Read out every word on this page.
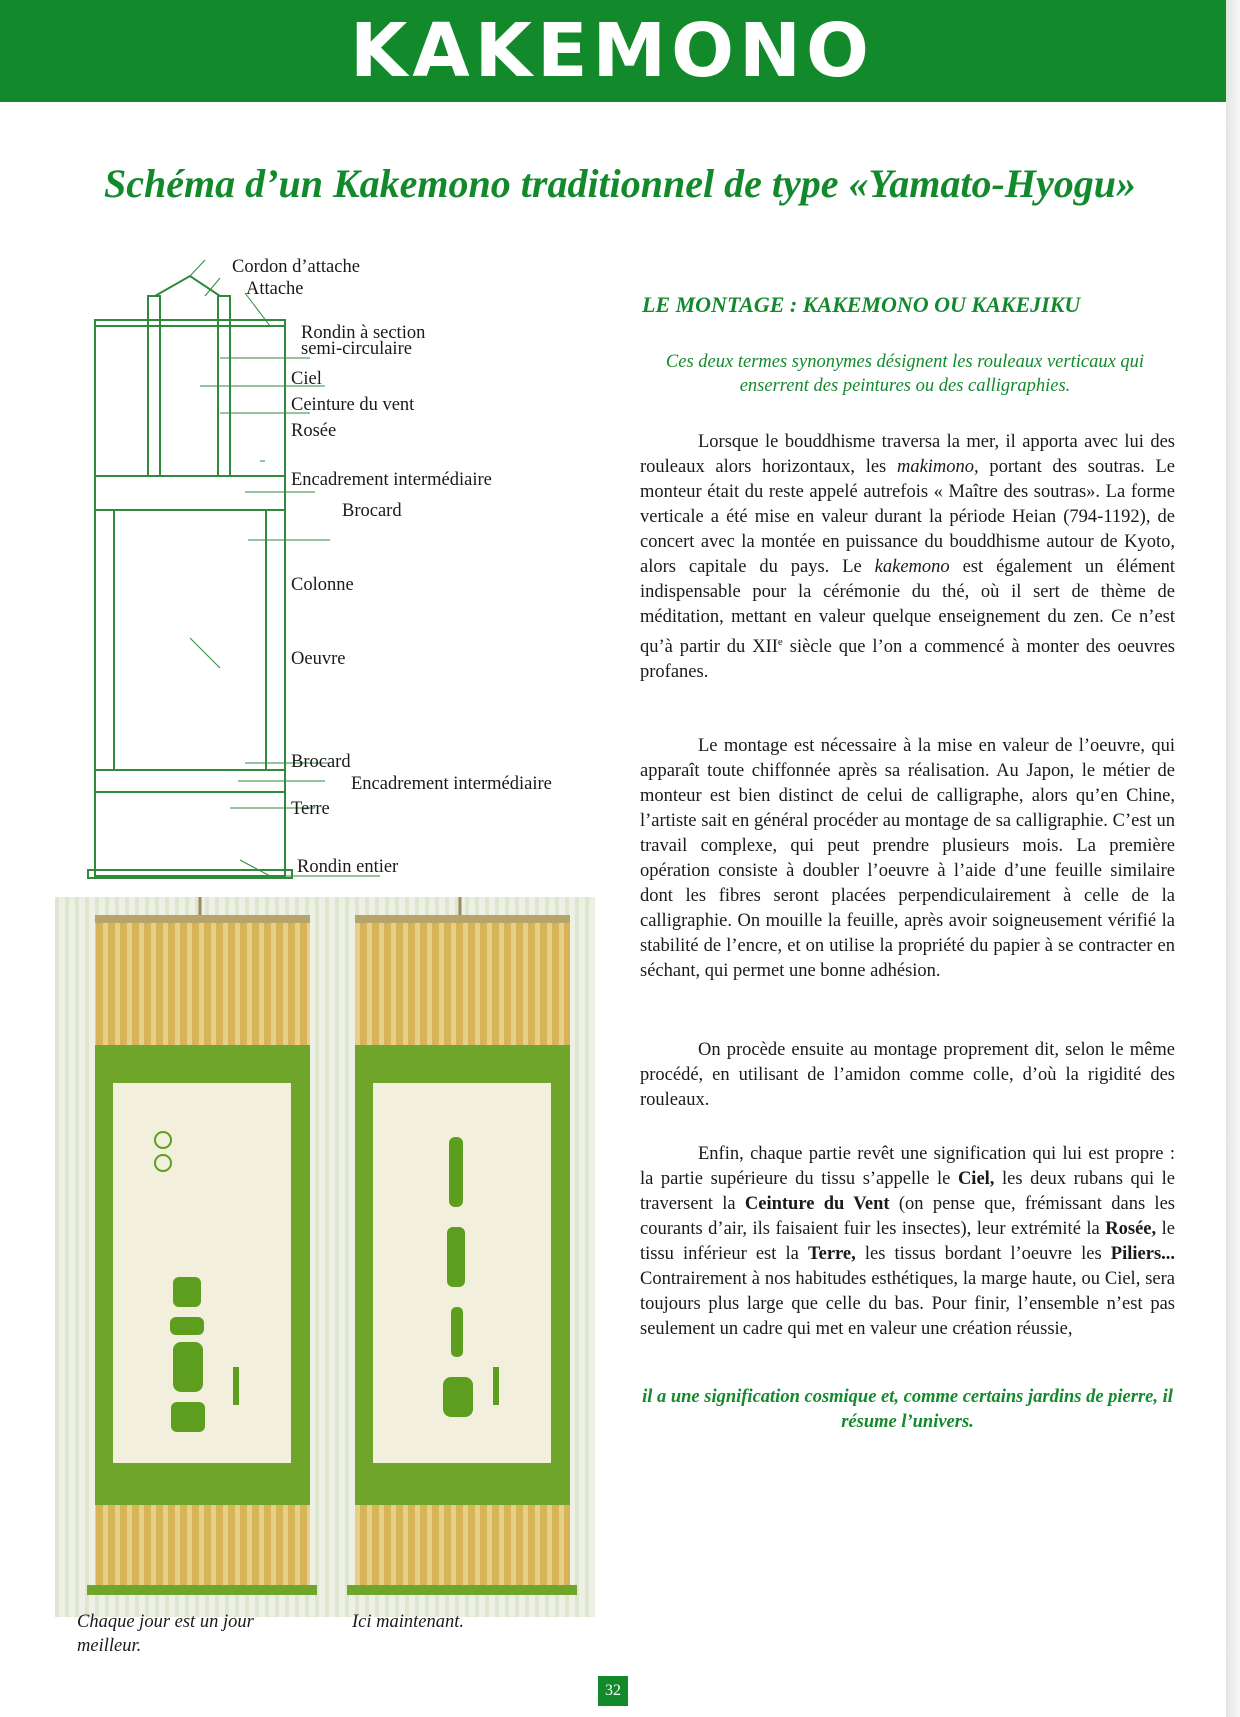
KAKEMONO
Schéma d’un Kakemono traditionnel de type «Yamato-Hyogu»
Cordon d’attache
Attache
Rondin à section
semi-circulaire
Ciel
Ceinture du vent
Rosée
Encadrement intermédiaire
Brocard
Colonne
Oeuvre
Brocard
Encadrement intermédiaire
Terre
Rondin entier
LE MONTAGE : KAKEMONO OU KAKEJIKU
Ces deux termes synonymes désignent les rouleaux verticaux qui enserrent des peintures ou des calligraphies.

Lorsque le bouddhisme traversa la mer, il apporta avec lui des rouleaux alors horizontaux, les makimono, portant des soutras. Le monteur était du reste appelé autrefois « Maître des soutras». La forme verticale a été mise en valeur durant la période Heian (794-1192), de concert avec la montée en puissance du bouddhisme autour de Kyoto, alors capitale du pays. Le kakemono est également un élément indispensable pour la cérémonie du thé, où il sert de thème de méditation, mettant en valeur quelque enseignement du zen. Ce n’est qu’à partir du XIIe siècle que l’on a commencé à monter des oeuvres profanes.

Le montage est nécessaire à la mise en valeur de l’oeuvre, qui apparaît toute chiffonnée après sa réalisation. Au Japon, le métier de monteur est bien distinct de celui de calligraphe, alors qu’en Chine, l’artiste sait en général procéder au montage de sa calligraphie. C’est un travail complexe, qui peut prendre plusieurs mois. La première opération consiste à doubler l’oeuvre à l’aide d’une feuille similaire dont les fibres seront placées perpendiculairement à celle de la calligraphie. On mouille la feuille, après avoir soigneusement vérifié la stabilité de l’encre, et on utilise la propriété du papier à se contracter en séchant, qui permet une bonne adhésion.

On procède ensuite au montage proprement dit, selon le même procédé, en utilisant de l’amidon comme colle, d’où la rigidité des rouleaux.

Enfin, chaque partie revêt une signification qui lui est propre : la partie supérieure du tissu s’appelle le Ciel, les deux rubans qui le traversent la Ceinture du Vent (on pense que, frémissant dans les courants d’air, ils faisaient fuir les insectes), leur extrémité la Rosée, le tissu inférieur est la Terre, les tissus bordant l’oeuvre les Piliers... Contrairement à nos habitudes esthétiques, la marge haute, ou Ciel, sera toujours plus large que celle du bas. Pour finir, l’ensemble n’est pas seulement un cadre qui met en valeur une création réussie,

il a une signification cosmique et, comme certains jardins de pierre, il résume l’univers.
Chaque jour est un jour meilleur.
Ici maintenant.
32
